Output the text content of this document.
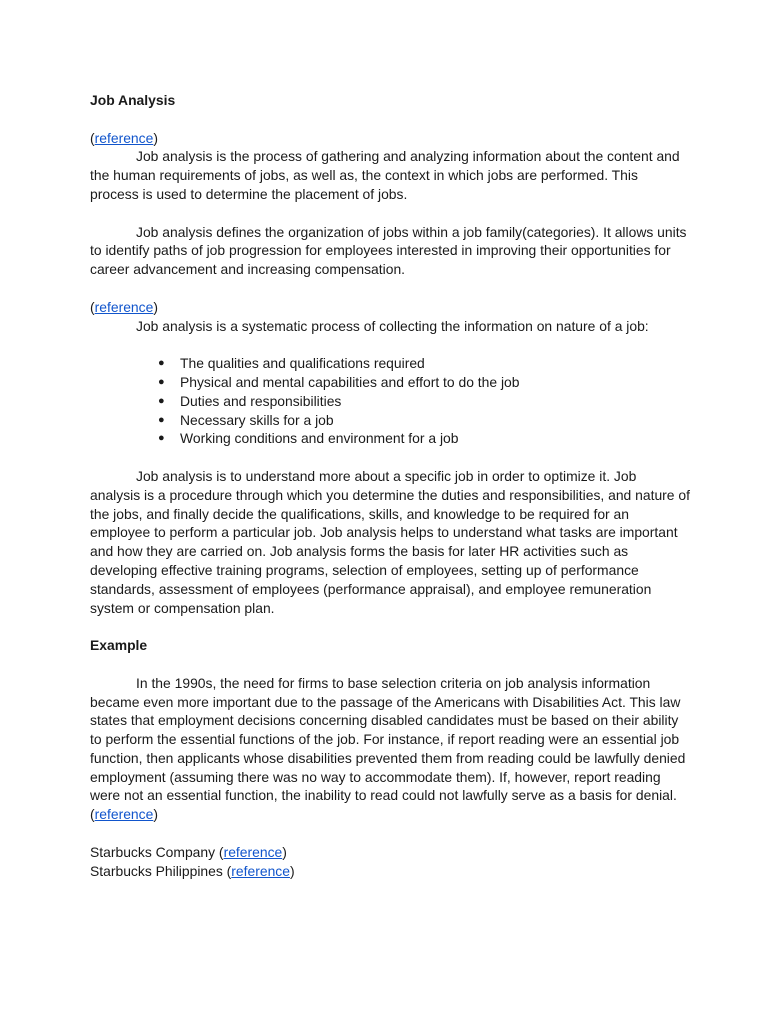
Job Analysis

(reference)

Job analysis is the process of gathering and analyzing information about the content and the human requirements of jobs, as well as, the context in which jobs are performed. This process is used to determine the placement of jobs.

Job analysis defines the organization of jobs within a job family(categories). It allows units to identify paths of job progression for employees interested in improving their opportunities for career advancement and increasing compensation.

(reference)

Job analysis is a systematic process of collecting the information on nature of a job:

● The qualities and qualifications required
● Physical and mental capabilities and effort to do the job
● Duties and responsibilities
● Necessary skills for a job
● Working conditions and environment for a job

Job analysis is to understand more about a specific job in order to optimize it. Job analysis is a procedure through which you determine the duties and responsibilities, and nature of the jobs, and finally decide the qualifications, skills, and knowledge to be required for an employee to perform a particular job. Job analysis helps to understand what tasks are important and how they are carried on. Job analysis forms the basis for later HR activities such as developing effective training programs, selection of employees, setting up of performance standards, assessment of employees (performance appraisal), and employee remuneration system or compensation plan.

Example

In the 1990s, the need for firms to base selection criteria on job analysis information became even more important due to the passage of the Americans with Disabilities Act. This law states that employment decisions concerning disabled candidates must be based on their ability to perform the essential functions of the job. For instance, if report reading were an essential job function, then applicants whose disabilities prevented them from reading could be lawfully denied employment (assuming there was no way to accommodate them). If, however, report reading were not an essential function, the inability to read could not lawfully serve as a basis for denial. (reference)

Starbucks Company (reference)

Starbucks Philippines (reference)
